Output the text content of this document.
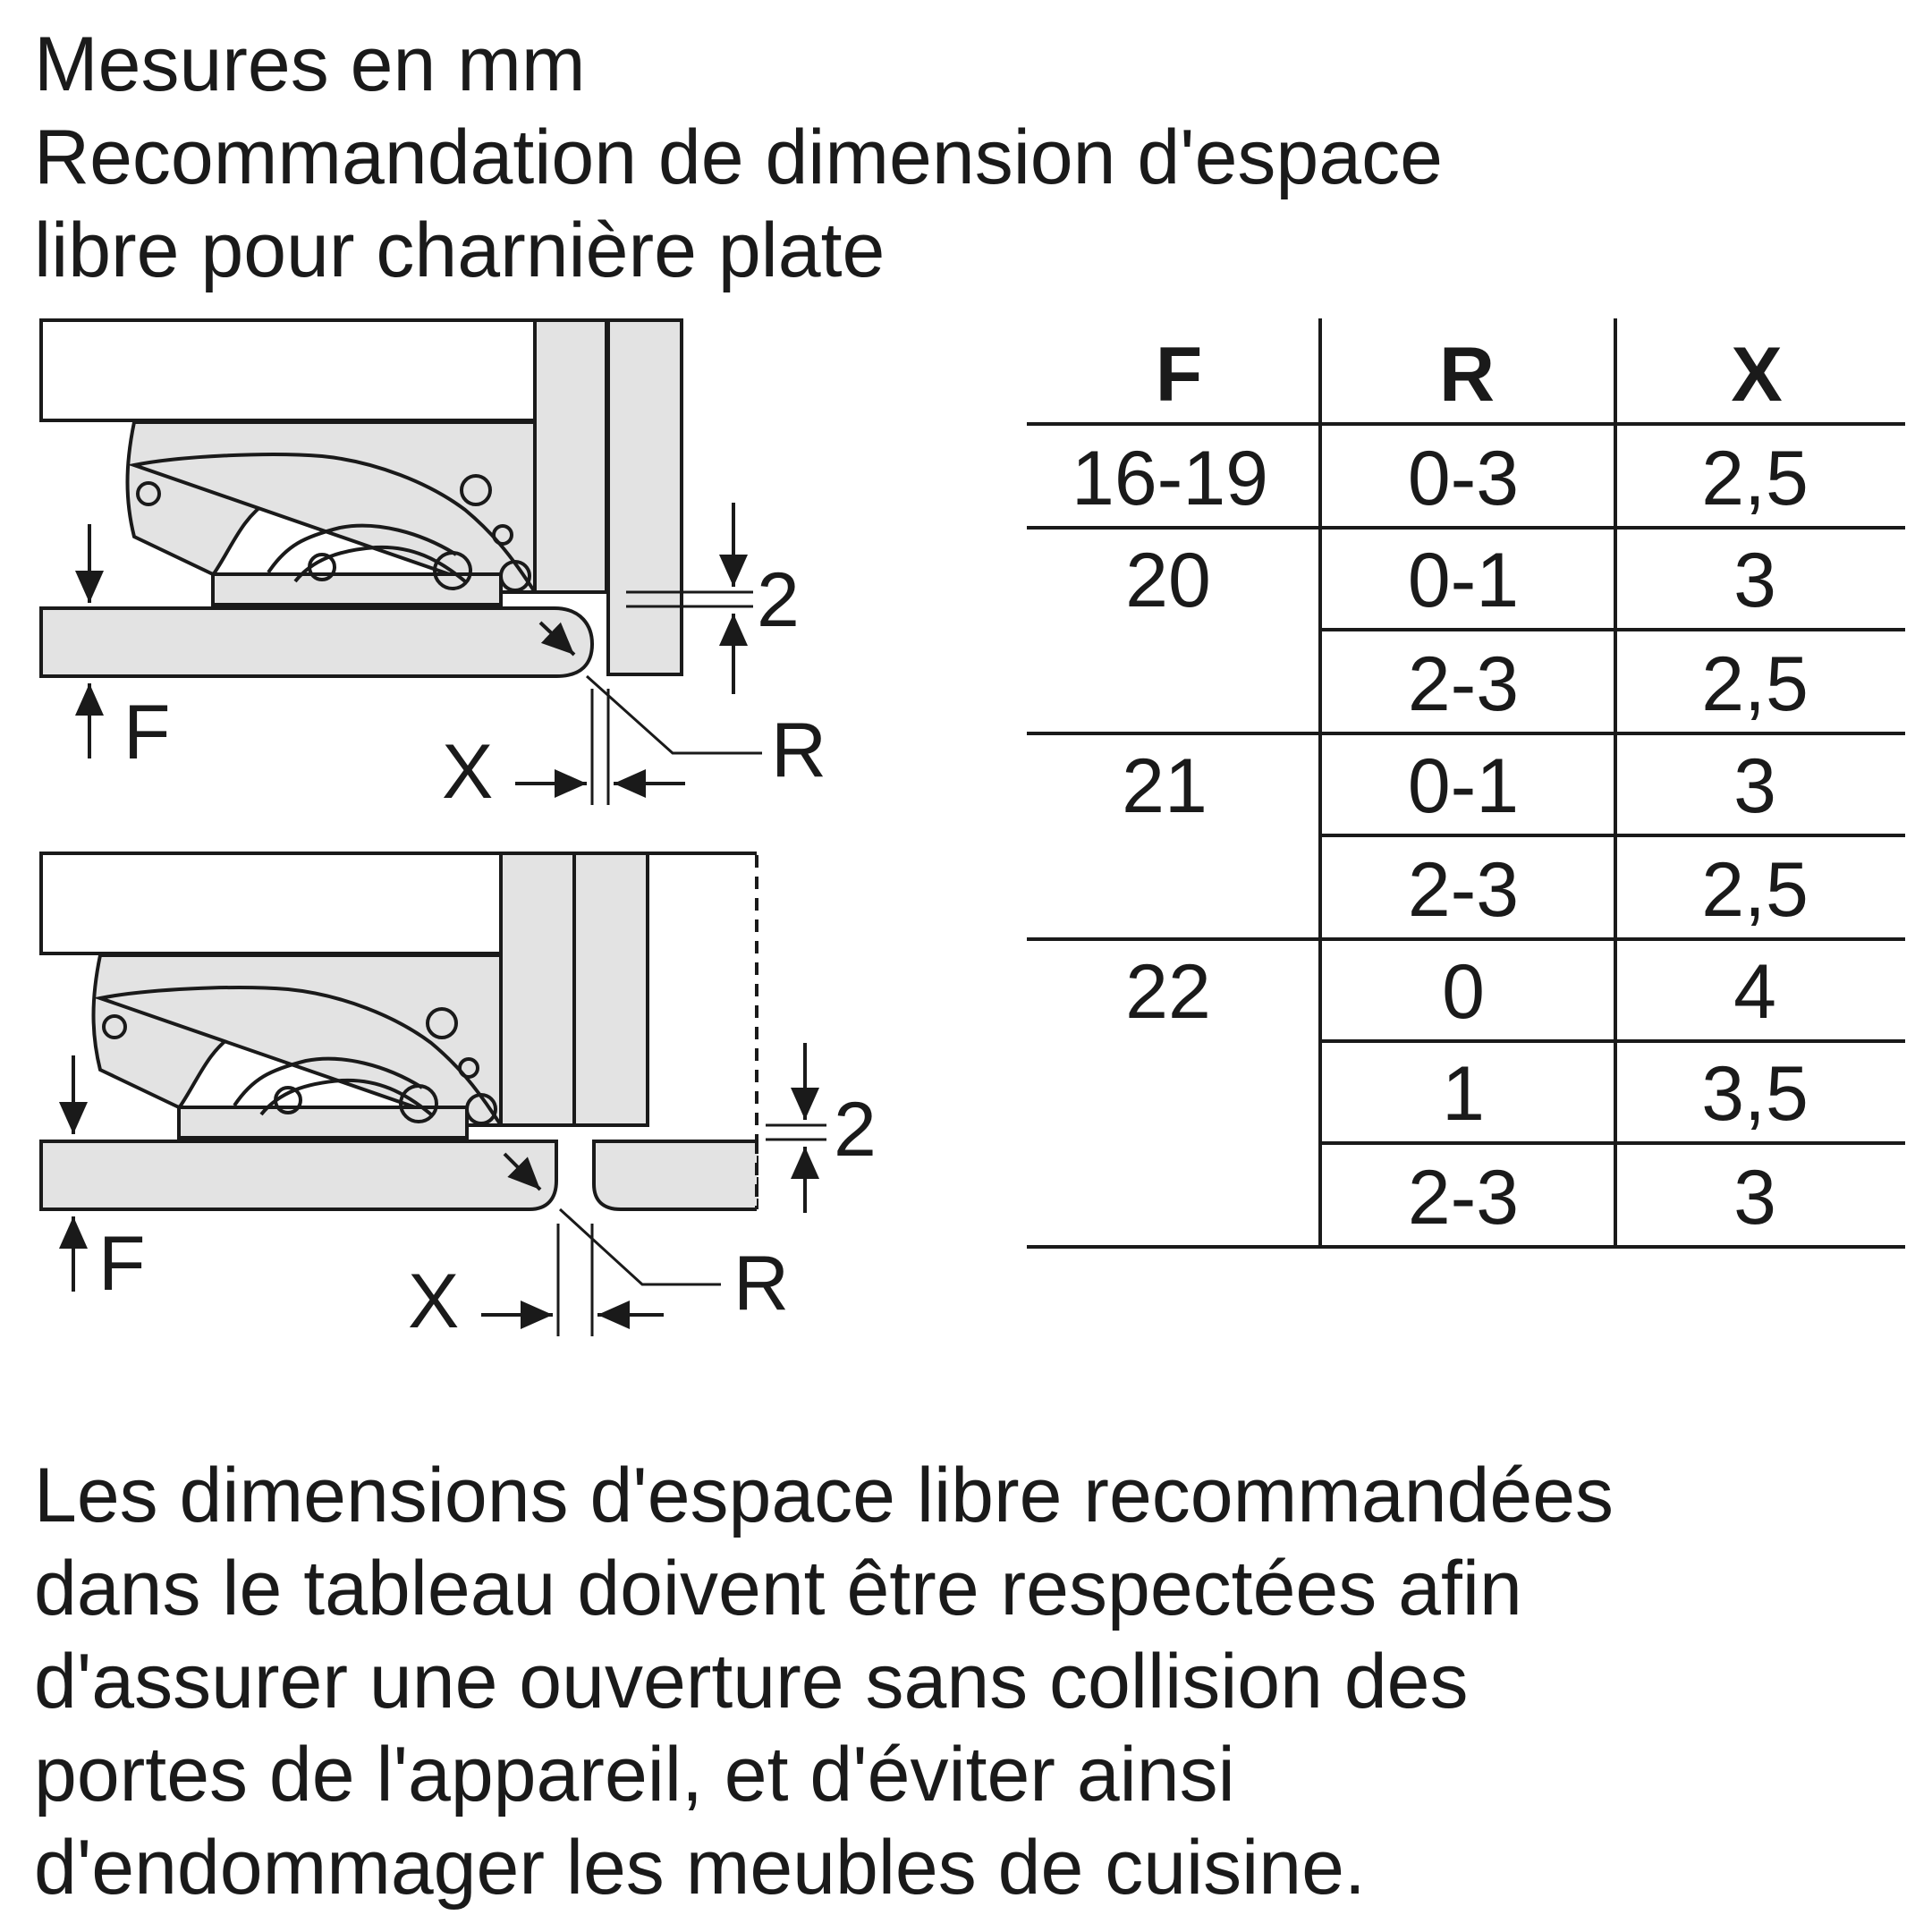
Mesures en mm
Recommandation de dimension d'espace
libre pour charnière plate
F	X	R
2
F	X	R
2
F	R	X
16-19 0-3 2,5
20	0-1	3
2-3 2,5
21	0-1	3
2-3 2,5
22	0	4
1	3,5
2-3	3
Les dimensions d'espace libre recommandées
dans le tableau doivent être respectées afin
d'assurer une ouverture sans collision des
portes de l'appareil, et d'éviter ainsi
d'endommager les meubles de cuisine.
